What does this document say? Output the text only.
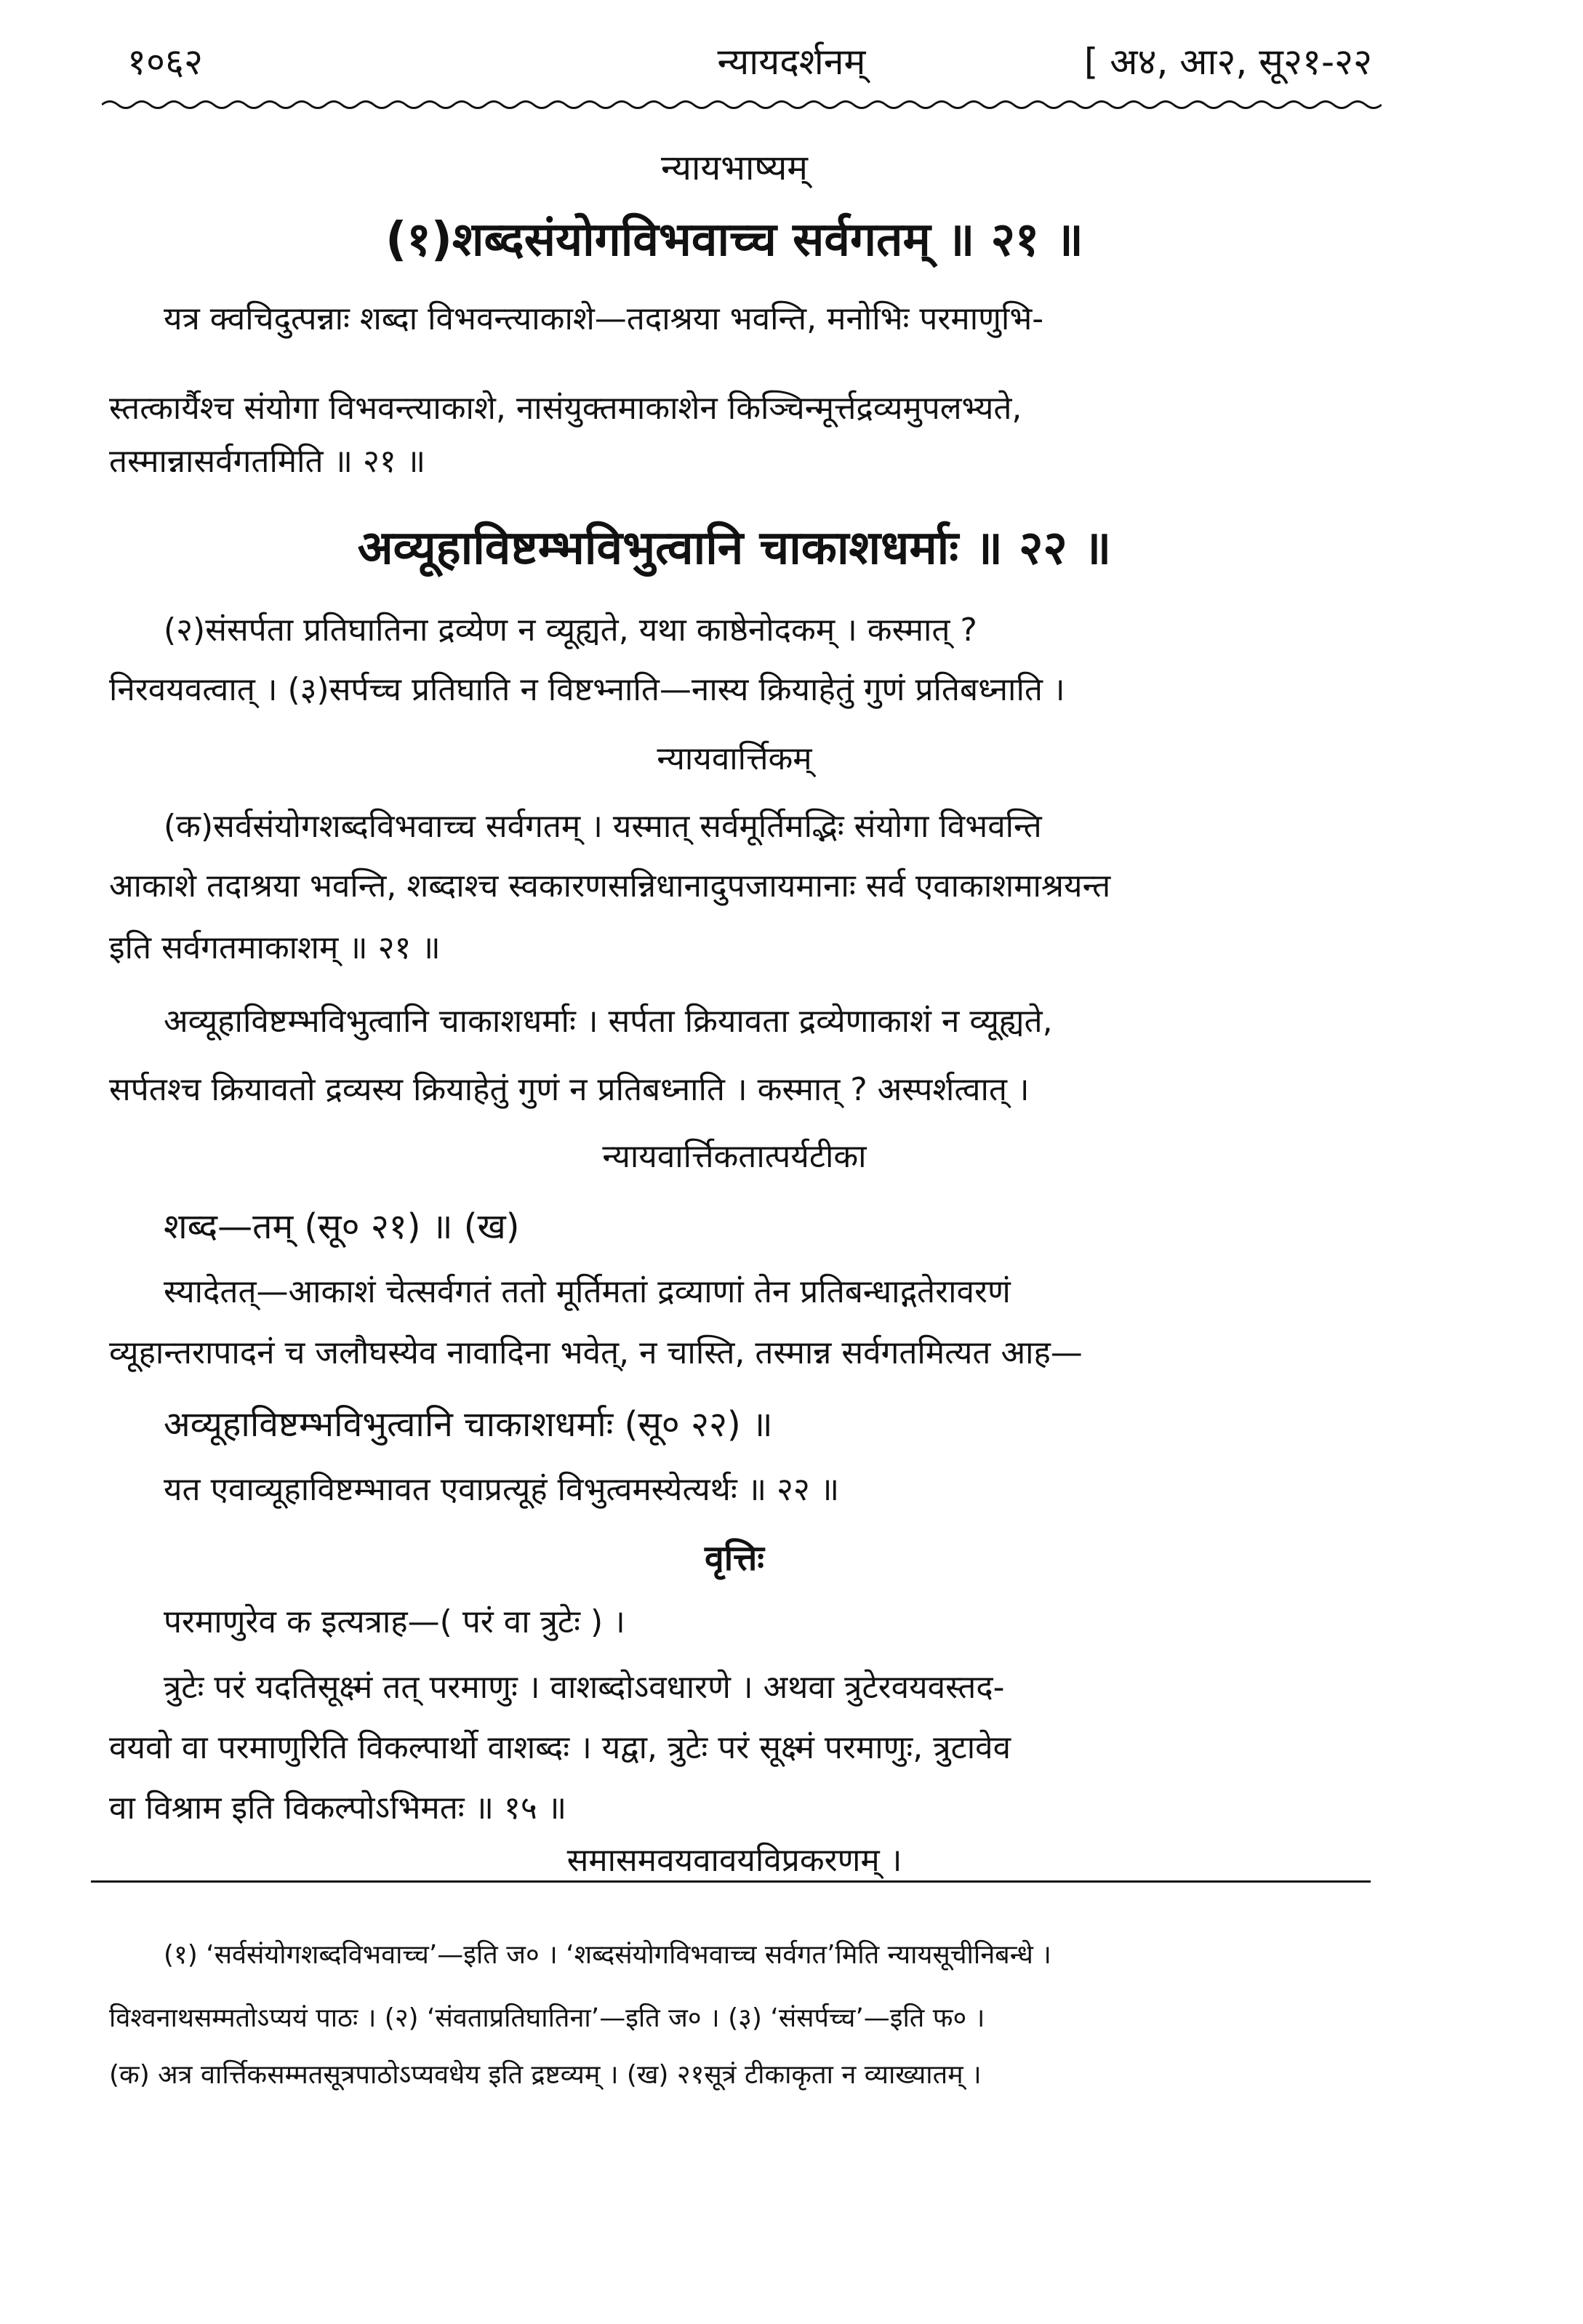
१०६२	न्यायदर्शनम्	[ अ४, आ२, सू२१-२२
न्यायभाष्यम्
(१)शब्दसंयोगविभवाच्च सर्वगतम् ॥ २१ ॥
यत्र क्वचिदुत्पन्नाः शब्दा विभवन्त्याकाशे—तदाश्रया भवन्ति, मनोभिः परमाणुभि-
स्तत्कार्यैश्च संयोगा विभवन्त्याकाशे, नासंयुक्तमाकाशेन किञ्चिन्मूर्त्तद्रव्यमुपलभ्यते,
तस्मान्नासर्वगतमिति ॥ २१ ॥
अव्यूहाविष्टम्भविभुत्वानि चाकाशधर्माः ॥ २२ ॥
(२)संसर्पता प्रतिघातिना द्रव्येण न व्यूह्यते, यथा काष्ठेनोदकम् । कस्मात् ?
निरवयवत्वात् । (३)सर्पच्च प्रतिघाति न विष्टभ्नाति—नास्य क्रियाहेतुं गुणं प्रतिबध्नाति ।
न्यायवार्त्तिकम्
(क)सर्वसंयोगशब्दविभवाच्च सर्वगतम् । यस्मात् सर्वमूर्तिमद्भिः संयोगा विभवन्ति
आकाशे तदाश्रया भवन्ति, शब्दाश्च स्वकारणसन्निधानादुपजायमानाः सर्व एवाकाशमाश्रयन्त
इति सर्वगतमाकाशम् ॥ २१ ॥
अव्यूहाविष्टम्भविभुत्वानि चाकाशधर्माः । सर्पता क्रियावता द्रव्येणाकाशं न व्यूह्यते,
सर्पतश्च क्रियावतो द्रव्यस्य क्रियाहेतुं गुणं न प्रतिबध्नाति । कस्मात् ? अस्पर्शत्वात् ।
न्यायवार्त्तिकतात्पर्यटीका
शब्द—तम् (सू० २१) ॥ (ख)
स्यादेतत्—आकाशं चेत्सर्वगतं ततो मूर्तिमतां द्रव्याणां तेन प्रतिबन्धाद्गतेरावरणं
व्यूहान्तरापादनं च जलौघस्येव नावादिना भवेत्, न चास्ति, तस्मान्न सर्वगतमित्यत आह—
अव्यूहाविष्टम्भविभुत्वानि चाकाशधर्माः (सू० २२) ॥
यत एवाव्यूहाविष्टम्भावत एवाप्रत्यूहं विभुत्वमस्येत्यर्थः ॥ २२ ॥
वृत्तिः
परमाणुरेव क इत्यत्राह—( परं वा त्रुटेः ) ।
त्रुटेः परं यदतिसूक्ष्मं तत् परमाणुः । वाशब्दोऽवधारणे । अथवा त्रुटेरवयवस्तद-
वयवो वा परमाणुरिति विकल्पार्थो वाशब्दः । यद्वा, त्रुटेः परं सूक्ष्मं परमाणुः, त्रुटावेव
वा विश्राम इति विकल्पोऽभिमतः ॥ १५ ॥
समासमवयवावयविप्रकरणम् ।
(१) ‘सर्वसंयोगशब्दविभवाच्च’—इति ज० । ‘शब्दसंयोगविभवाच्च सर्वगत’मिति न्यायसूचीनिबन्धे ।
विश्वनाथसम्मतोऽप्ययं पाठः । (२) ‘संवताप्रतिघातिना’—इति ज० । (३) ‘संसर्पच्च’—इति फ० ।
(क) अत्र वार्त्तिकसम्मतसूत्रपाठोऽप्यवधेय इति द्रष्टव्यम् । (ख) २१सूत्रं टीकाकृता न व्याख्यातम् ।
